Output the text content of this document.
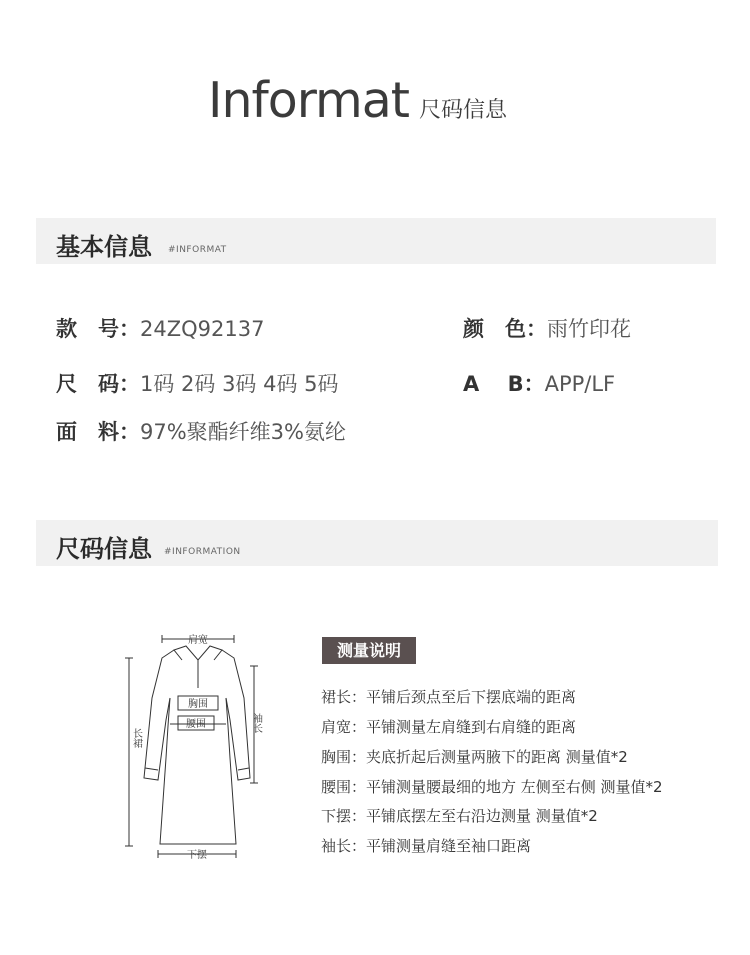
Informat 尺码信息
基本信息 #INFORMAT
款　号：24ZQ92137	颜　色：雨竹印花
尺　码：1码 2码 3码 4码 5码	A　 B：APP/LF
面　料：97%聚酯纤维3%氨纶
尺码信息 #INFORMATION
肩宽
胸围
腰围	袖长
长裙
下摆
测量说明
裙长：平铺后颈点至后下摆底端的距离
肩宽：平铺测量左肩缝到右肩缝的距离
胸围：夹底折起后测量两腋下的距离 测量值*2
腰围：平铺测量腰最细的地方 左侧至右侧 测量值*2
下摆：平铺底摆左至右沿边测量 测量值*2
袖长：平铺测量肩缝至袖口距离
